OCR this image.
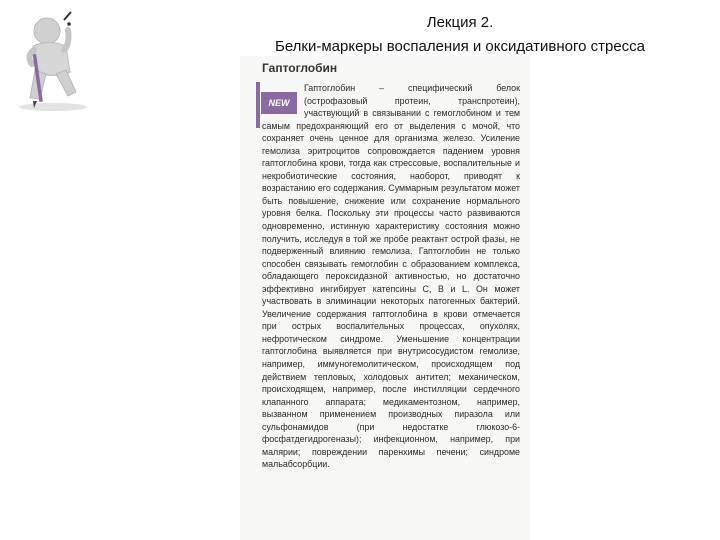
Лекция 2.
Белки-маркеры воспаления и оксидативного стресса
Гаптоглобин
NEW
Гаптоглобин – специфический белок (острофазовый протеин, транспротеин), участвующий в связывании с гемоглобином и тем самым предохраняющий его от выделения с мочой, что сохраняет очень ценное для организма железо. Усиление гемолиза эритроцитов сопровождается падением уровня гаптоглобина крови, тогда как стрессовые, воспалительные и некробиотические состояния, наоборот, приводят к возрастанию его содержания. Суммарным результатом может быть повышение, снижение или сохранение нормального уровня белка. Поскольку эти процессы часто развиваются одновременно, истинную характеристику состояния можно получить, исследуя в той же пробе реактант острой фазы, не подверженный влиянию гемолиза. Гаптоглобин не только способен связывать гемоглобин с образованием комплекса, обладающего пероксидазной активностью, но достаточно эффективно ингибирует катепсины С, В и L. Он может участвовать в элиминации некоторых патогенных бактерий. Увеличение содержания гаптоглобина в крови отмечается при острых воспалительных процессах, опухолях, нефротическом синдроме. Уменьшение концентрации гаптоглобина выявляется при внутрисосудистом гемолизе, например, иммуногемолитическом, происходящем под действием тепловых, холодовых антител; механическом, происходящем, например, после инстилляции сердечного клапанного аппарата; медикаментозном, например, вызванном применением производных пиразола или сульфонамидов (при недостатке глюкозо-6-фосфатдегидрогеназы); инфекционном, например, при малярии; повреждении паренхимы печени; синдроме мальабсорбции.
